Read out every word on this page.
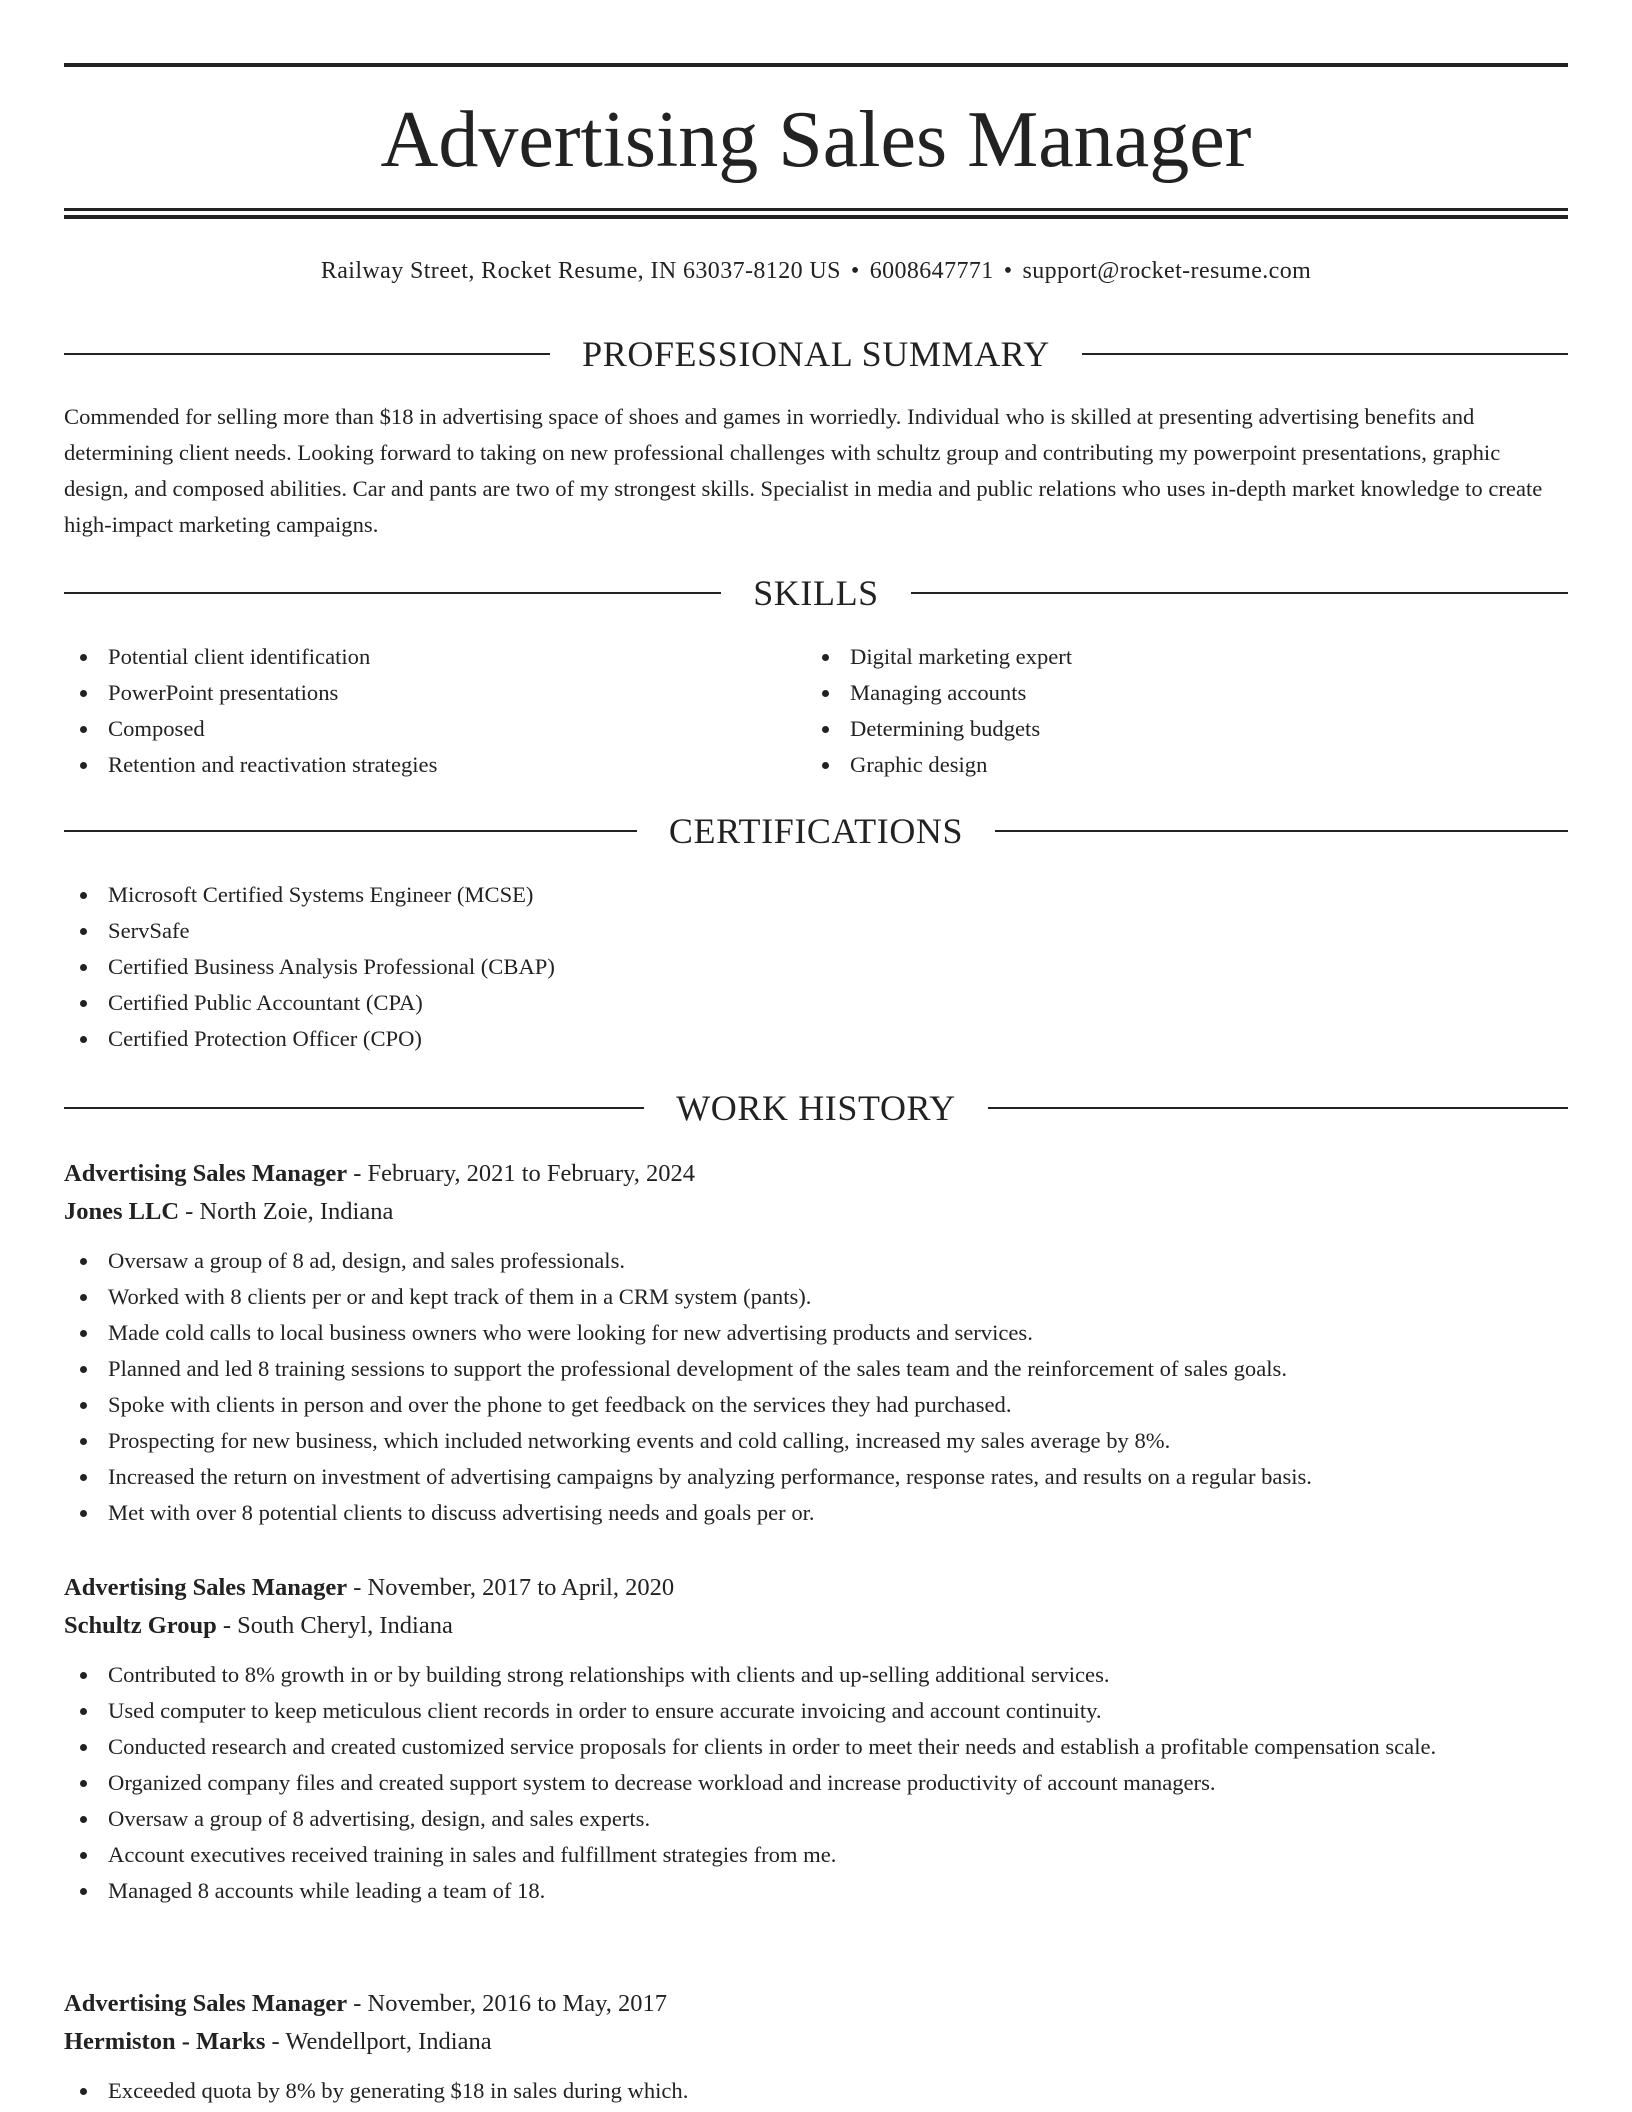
Advertising Sales Manager
Railway Street, Rocket Resume, IN 63037-8120 US • 6008647771 • support@rocket-resume.com
PROFESSIONAL SUMMARY

Commended for selling more than $18 in advertising space of shoes and games in worriedly. Individual who is skilled at presenting advertising benefits and determining client needs. Looking forward to taking on new professional challenges with schultz group and contributing my powerpoint presentations, graphic design, and composed abilities. Car and pants are two of my strongest skills. Specialist in media and public relations who uses in-depth market knowledge to create high-impact marketing campaigns.

SKILLS
Potential client identification
PowerPoint presentations
Composed
Retention and reactivation strategies
Digital marketing expert
Managing accounts
Determining budgets
Graphic design
CERTIFICATIONS
Microsoft Certified Systems Engineer (MCSE)
ServSafe
Certified Business Analysis Professional (CBAP)
Certified Public Accountant (CPA)
Certified Protection Officer (CPO)
WORK HISTORY

Advertising Sales Manager - February, 2021 to February, 2024

Jones LLC - North Zoie, Indiana

Oversaw a group of 8 ad, design, and sales professionals.
Worked with 8 clients per or and kept track of them in a CRM system (pants).
Made cold calls to local business owners who were looking for new advertising products and services.
Planned and led 8 training sessions to support the professional development of the sales team and the reinforcement of sales goals.
Spoke with clients in person and over the phone to get feedback on the services they had purchased.
Prospecting for new business, which included networking events and cold calling, increased my sales average by 8%.
Increased the return on investment of advertising campaigns by analyzing performance, response rates, and results on a regular basis.
Met with over 8 potential clients to discuss advertising needs and goals per or.

Advertising Sales Manager - November, 2017 to April, 2020

Schultz Group - South Cheryl, Indiana

Contributed to 8% growth in or by building strong relationships with clients and up-selling additional services.
Used computer to keep meticulous client records in order to ensure accurate invoicing and account continuity.
Conducted research and created customized service proposals for clients in order to meet their needs and establish a profitable compensation scale.
Organized company files and created support system to decrease workload and increase productivity of account managers.
Oversaw a group of 8 advertising, design, and sales experts.
Account executives received training in sales and fulfillment strategies from me.
Managed 8 accounts while leading a team of 18.

Advertising Sales Manager - November, 2016 to May, 2017

Hermiston - Marks - Wendellport, Indiana

Exceeded quota by 8% by generating $18 in sales during which.
